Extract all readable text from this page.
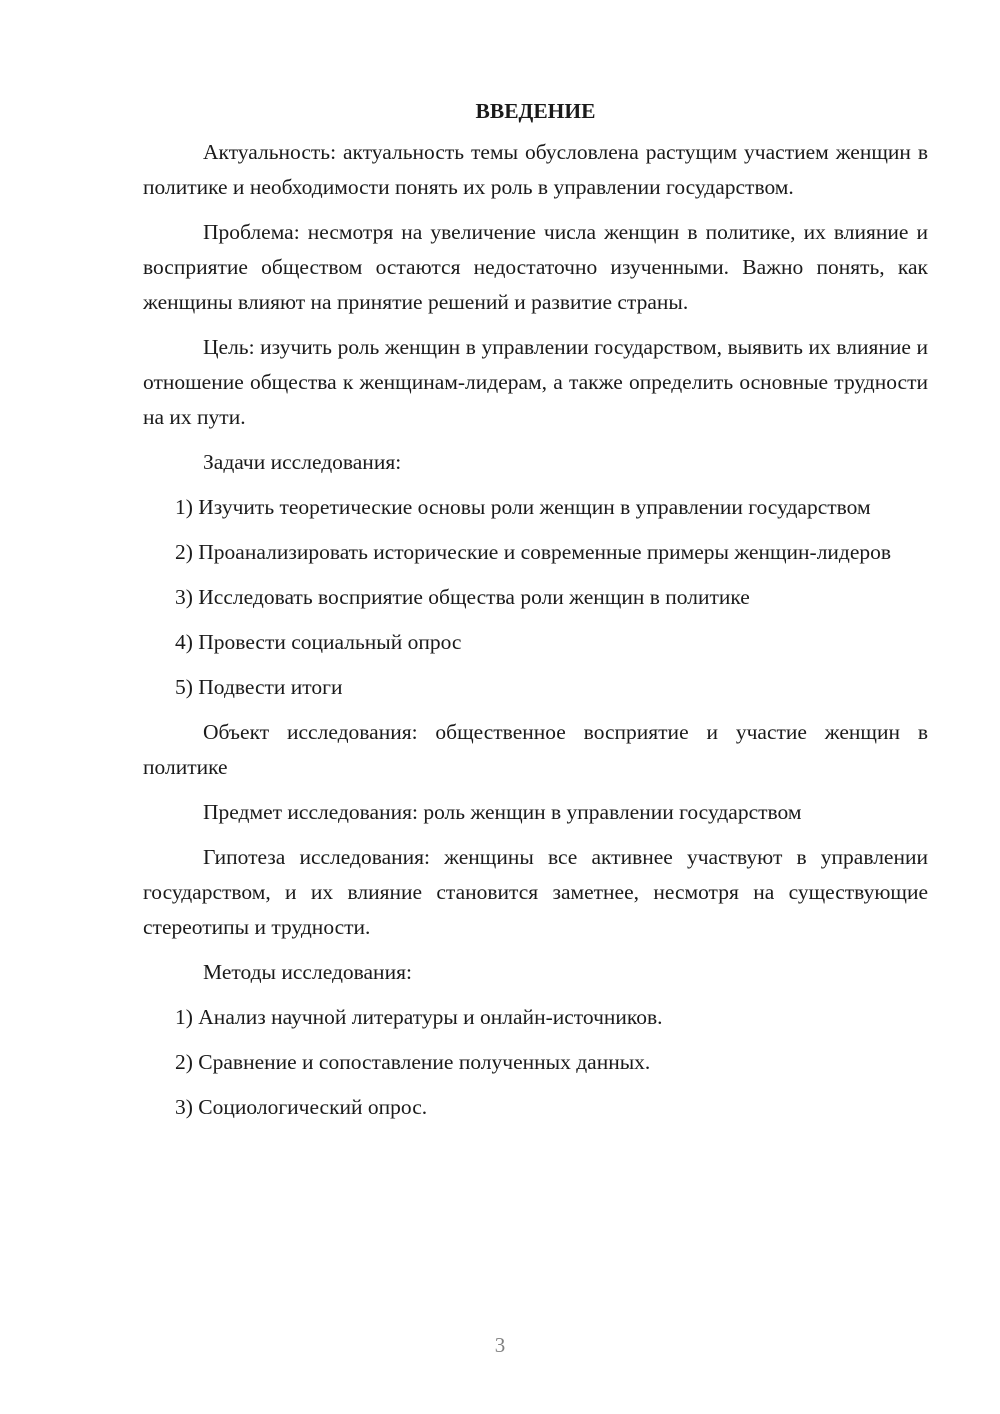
ВВЕДЕНИЕ
Актуальность: актуальность темы обусловлена растущим участием женщин в политике и необходимости понять их роль в управлении государством.
Проблема: несмотря на увеличение числа женщин в политике, их влияние и восприятие обществом остаются недостаточно изученными. Важно понять, как женщины влияют на принятие решений и развитие страны.
Цель: изучить роль женщин в управлении государством, выявить их влияние и отношение общества к женщинам-лидерам, а также определить основные трудности на их пути.
Задачи исследования:
1) Изучить теоретические основы роли женщин в управлении государством
2) Проанализировать исторические и современные примеры женщин-лидеров
3) Исследовать восприятие общества роли женщин в политике
4) Провести социальный опрос
5) Подвести итоги
Объект исследования: общественное восприятие и участие женщин в политике
Предмет исследования: роль женщин в управлении государством
Гипотеза исследования: женщины все активнее участвуют в управлении государством, и их влияние становится заметнее, несмотря на существующие стереотипы и трудности.
Методы исследования:
1) Анализ научной литературы и онлайн-источников.
2) Сравнение и сопоставление полученных данных.
3) Социологический опрос.
3
